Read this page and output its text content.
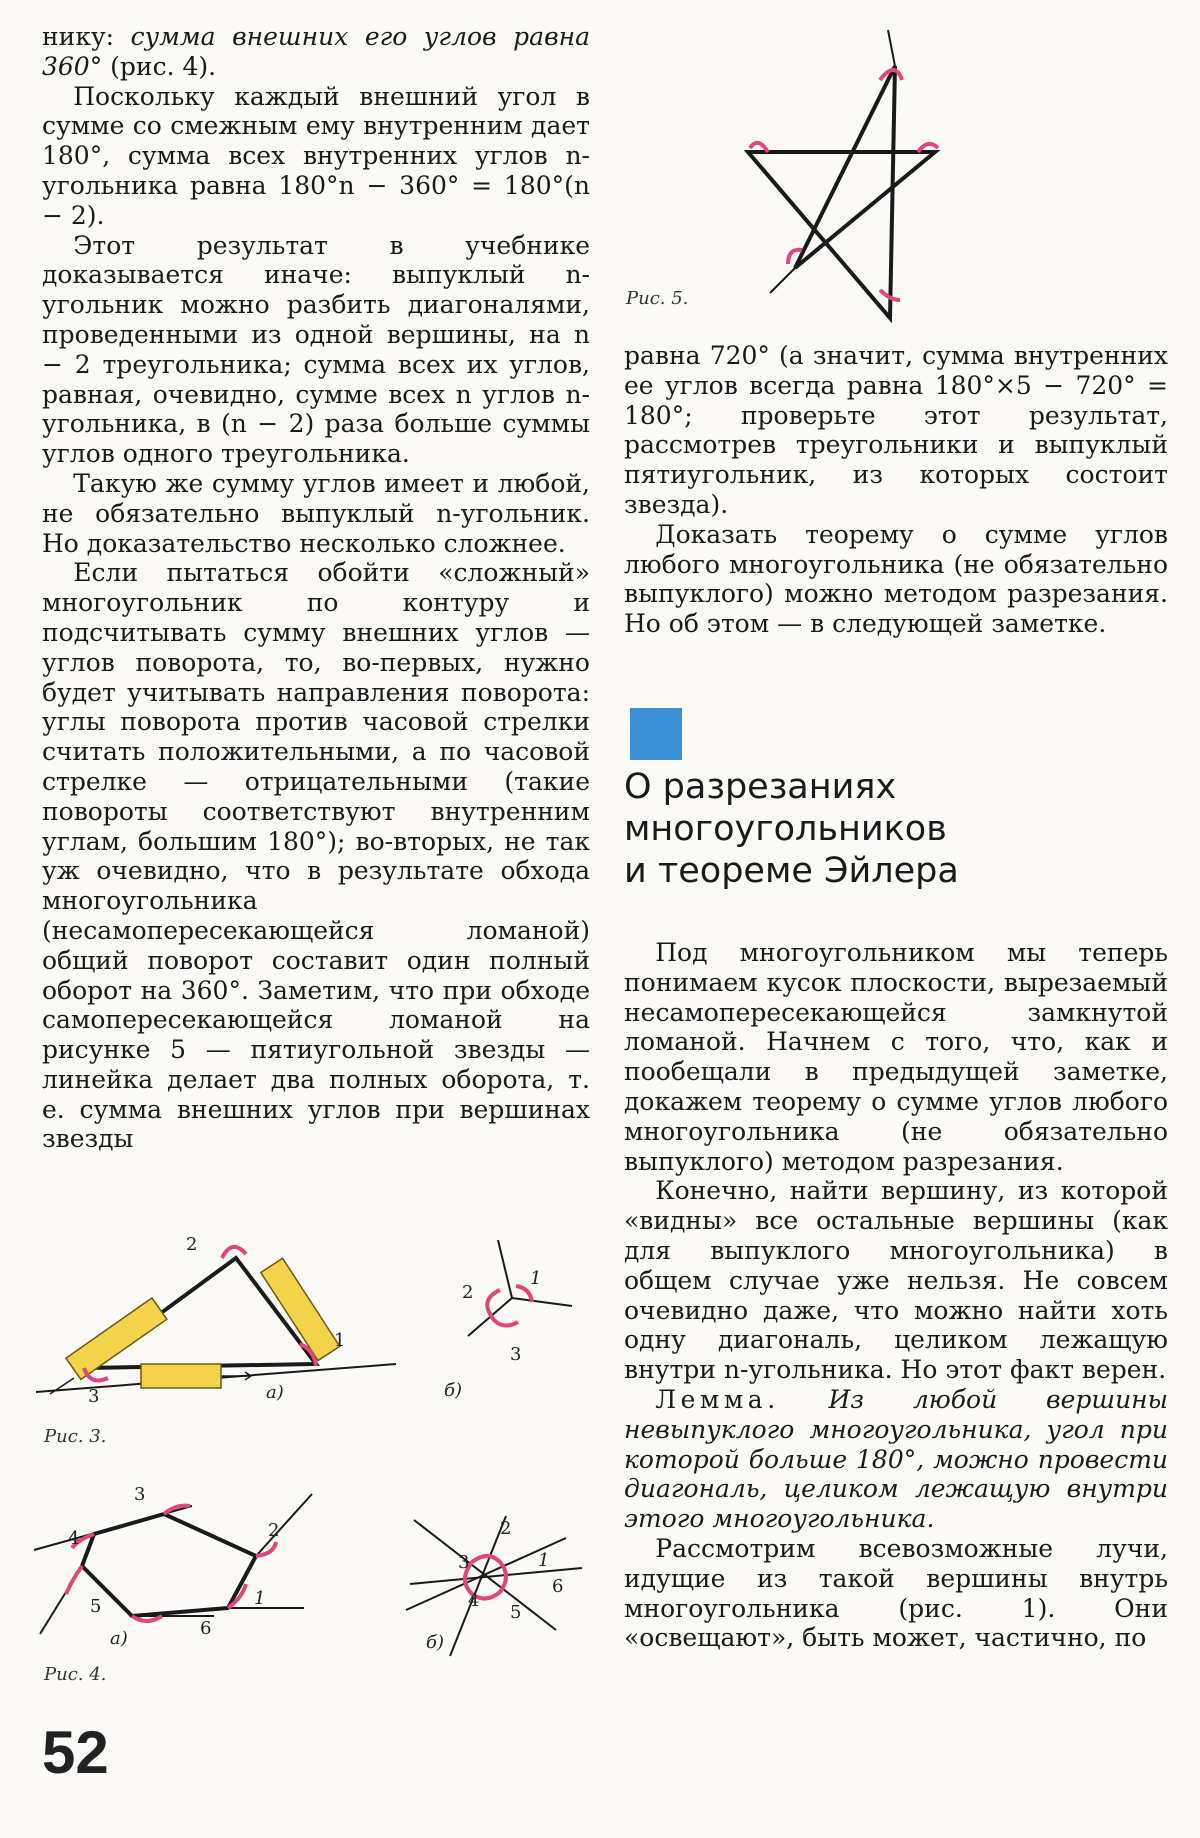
нику: сумма внешних его углов равна 360° (рис. 4).

Поскольку каждый внешний угол в сумме со смежным ему внутренним дает 180°, сумма всех внутренних углов n-угольника равна 180°n − 360° = 180°(n − 2).

Этот результат в учебнике доказывается иначе: выпуклый n-угольник можно разбить диагоналями, проведенными из одной вершины, на n − 2 треугольника; сумма всех их углов, равная, очевидно, сумме всех n углов n-угольника, в (n − 2) раза больше суммы углов одного треугольника.

Такую же сумму углов имеет и любой, не обязательно выпуклый n-угольник. Но доказательство несколько сложнее.

Если пытаться обойти «сложный» многоугольник по контуру и подсчитывать сумму внешних углов — углов поворота, то, во-первых, нужно будет учитывать направления поворота: углы поворота против часовой стрелки считать положительными, а по часовой стрелке — отрицательными (такие повороты соответствуют внутренним углам, большим 180°); во-вторых, не так уж очевидно, что в результате обхода многоугольника (несамопересекающейся ломаной) общий поворот составит один полный оборот на 360°. Заметим, что при обходе самопересекающейся ломаной на рисунке 5 — пятиугольной звезды — линейка делает два полных оборота, т. е. сумма внешних углов при вершинах звезды

Рис. 5.

равна 720° (а значит, сумма внутренних ее углов всегда равна 180°×5 − 720° = 180°; проверьте этот результат, рассмотрев треугольники и выпуклый пятиугольник, из которых состоит звезда).

Доказать теорему о сумме углов любого многоугольника (не обязательно выпуклого) можно методом разрезания. Но об этом — в следующей заметке.

О разрезаниях
многоугольников
и теореме Эйлера

Под многоугольником мы теперь понимаем кусок плоскости, вырезаемый несамопересекающейся замкнутой ломаной. Начнем с того, что, как и пообещали в предыдущей заметке, докажем теорему о сумме углов любого многоугольника (не обязательно выпуклого) методом разрезания.

Конечно, найти вершину, из которой «видны» все остальные вершины (как для выпуклого многоугольника) в общем случае уже нельзя. Не совсем очевидно даже, что можно найти хоть одну диагональ, целиком лежащую внутри n-угольника. Но этот факт верен.

Лемма. Из любой вершины невыпуклого многоугольника, угол при которой больше 180°, можно провести диагональ, целиком лежащую внутри этого многоугольника.

Рассмотрим всевозможные лучи, идущие из такой вершины внутрь многоугольника (рис. 1). Они «освещают», быть может, частично, по

2
1
3	а)
2
1
3
б)
Рис. 3.
3
4	2
1
5
6
а)
2
3	1
6
4
5
б)
Рис. 4.
52
